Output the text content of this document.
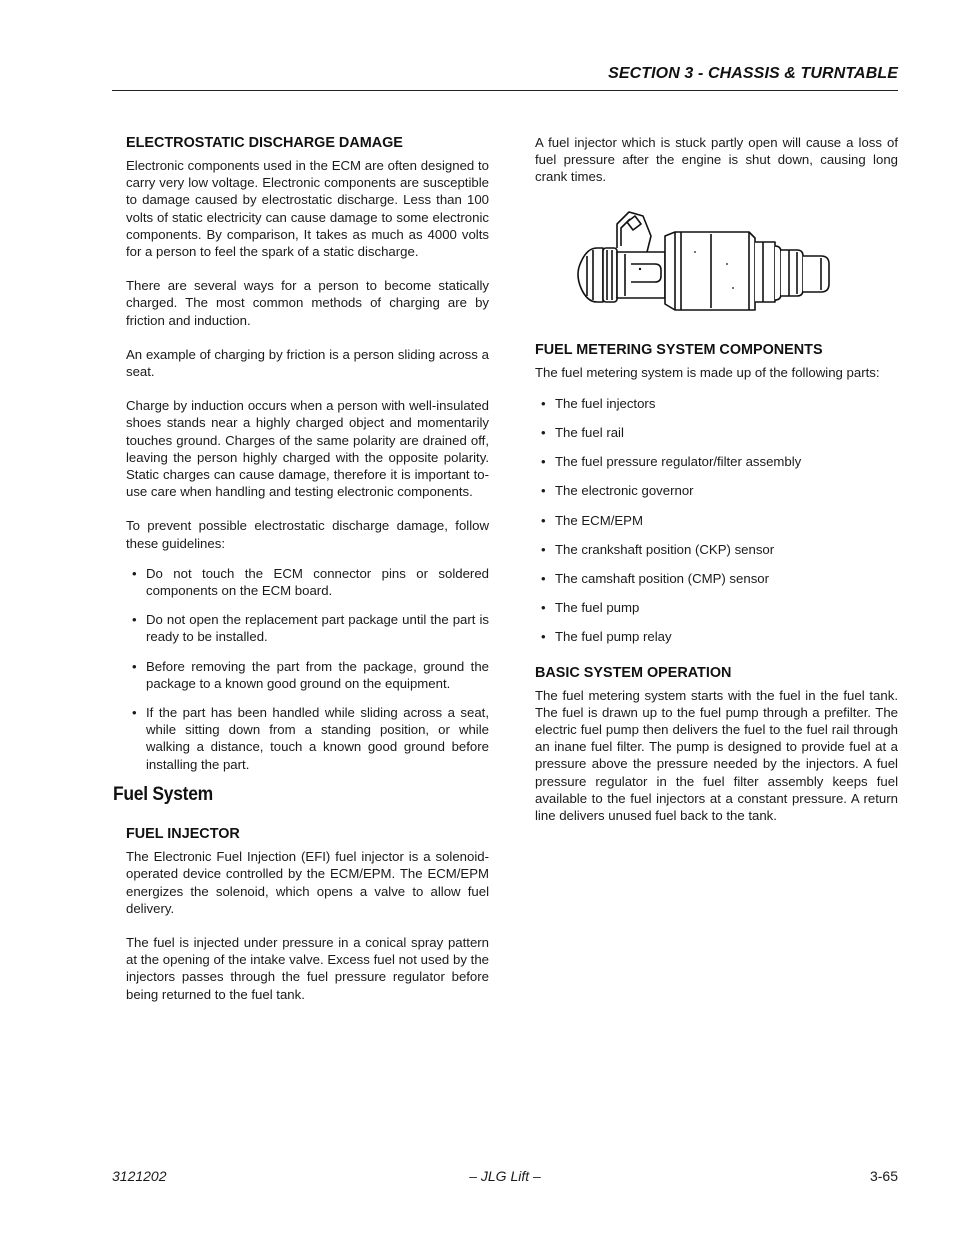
SECTION 3 - CHASSIS & TURNTABLE
ELECTROSTATIC DISCHARGE DAMAGE

Electronic components used in the ECM are often designed to carry very low voltage. Electronic components are susceptible to damage caused by electrostatic discharge. Less than 100 volts of static electricity can cause damage to some electronic components. By comparison, It takes as much as 4000 volts for a person to feel the spark of a static discharge.

There are several ways for a person to become statically charged. The most common methods of charging are by friction and induction.

An example of charging by friction is a person sliding across a seat.

Charge by induction occurs when a person with well-insulated shoes stands near a highly charged object and momentarily touches ground. Charges of the same polarity are drained off, leaving the person highly charged with the opposite polarity. Static charges can cause damage, therefore it is important to-use care when handling and testing electronic components.

To prevent possible electrostatic discharge damage, follow these guidelines:

• Do not touch the ECM connector pins or soldered components on the ECM board.
• Do not open the replacement part package until the part is ready to be installed.
• Before removing the part from the package, ground the package to a known good ground on the equipment.
• If the part has been handled while sliding across a seat, while sitting down from a standing position, or while walking a distance, touch a known good ground before installing the part.
Fuel System
FUEL INJECTOR

The Electronic Fuel Injection (EFI) fuel injector is a solenoid-operated device controlled by the ECM/EPM. The ECM/EPM energizes the solenoid, which opens a valve to allow fuel delivery.

The fuel is injected under pressure in a conical spray pattern at the opening of the intake valve. Excess fuel not used by the injectors passes through the fuel pressure regulator before being returned to the fuel tank.

A fuel injector which is stuck partly open will cause a loss of fuel pressure after the engine is shut down, causing long crank times.

FUEL METERING SYSTEM COMPONENTS

The fuel metering system is made up of the following parts:

• The fuel injectors
• The fuel rail
• The fuel pressure regulator/filter assembly
• The electronic governor
• The ECM/EPM
• The crankshaft position (CKP) sensor
• The camshaft position (CMP) sensor
• The fuel pump
• The fuel pump relay
BASIC SYSTEM OPERATION

The fuel metering system starts with the fuel in the fuel tank. The fuel is drawn up to the fuel pump through a prefilter. The electric fuel pump then delivers the fuel to the fuel rail through an inane fuel filter. The pump is designed to provide fuel at a pressure above the pressure needed by the injectors. A fuel pressure regulator in the fuel filter assembly keeps fuel available to the fuel injectors at a constant pressure. A return line delivers unused fuel back to the tank.

3121202	– JLG Lift –	3-65
